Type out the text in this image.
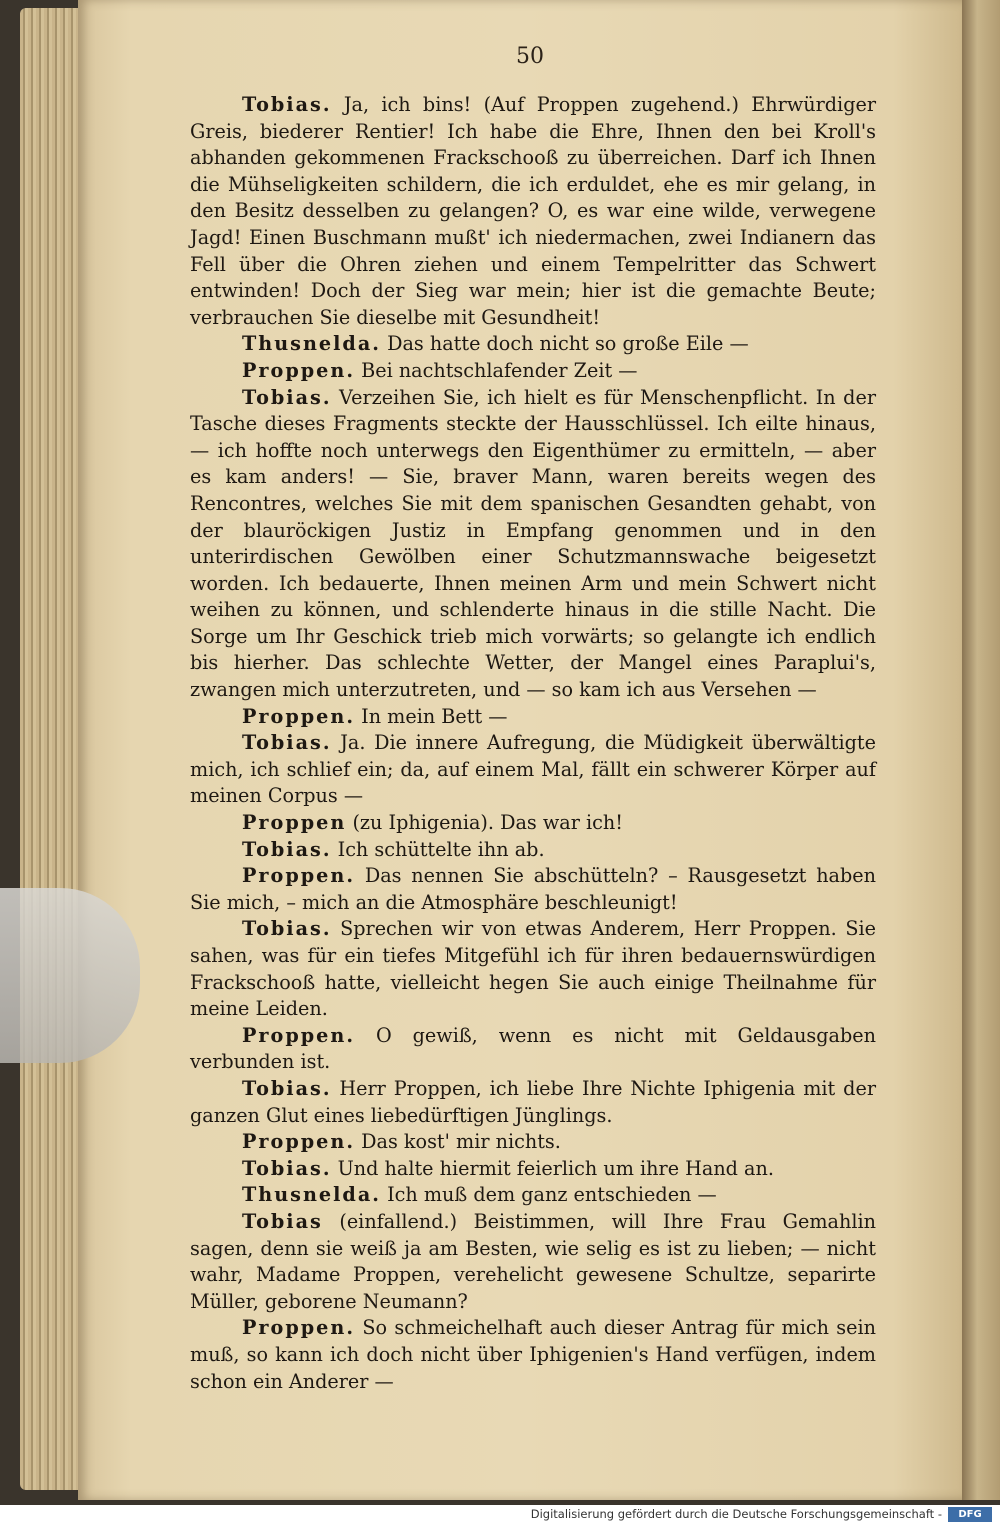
50

Tobias. Ja, ich bins! (Auf Proppen zugehend.) Ehrwürdiger Greis, biederer Rentier! Ich habe die Ehre, Ihnen den bei Kroll's abhanden gekommenen Frackschooß zu überreichen. Darf ich Ihnen die Mühseligkeiten schildern, die ich erduldet, ehe es mir gelang, in den Besitz desselben zu gelangen? O, es war eine wilde, verwegene Jagd! Einen Buschmann mußt' ich niedermachen, zwei Indianern das Fell über die Ohren ziehen und einem Tempelritter das Schwert entwinden! Doch der Sieg war mein; hier ist die gemachte Beute; verbrauchen Sie dieselbe mit Gesundheit!

Thusnelda. Das hatte doch nicht so große Eile —

Proppen. Bei nachtschlafender Zeit —

Tobias. Verzeihen Sie, ich hielt es für Menschenpflicht. In der Tasche dieses Fragments steckte der Hausschlüssel. Ich eilte hinaus, — ich hoffte noch unterwegs den Eigenthümer zu ermitteln, — aber es kam anders! — Sie, braver Mann, waren bereits wegen des Rencontres, welches Sie mit dem spanischen Gesandten gehabt, von der blauröckigen Justiz in Empfang genommen und in den unterirdischen Gewölben einer Schutzmannswache beigesetzt worden. Ich bedauerte, Ihnen meinen Arm und mein Schwert nicht weihen zu können, und schlenderte hinaus in die stille Nacht. Die Sorge um Ihr Geschick trieb mich vorwärts; so gelangte ich endlich bis hierher. Das schlechte Wetter, der Mangel eines Paraplui's, zwangen mich unterzutreten, und — so kam ich aus Versehen —

Proppen. In mein Bett —

Tobias. Ja. Die innere Aufregung, die Müdigkeit überwältigte mich, ich schlief ein; da, auf einem Mal, fällt ein schwerer Körper auf meinen Corpus —

Proppen (zu Iphigenia). Das war ich!

Tobias. Ich schüttelte ihn ab.

Proppen. Das nennen Sie abschütteln? – Rausgesetzt haben Sie mich, – mich an die Atmosphäre beschleunigt!

Tobias. Sprechen wir von etwas Anderem, Herr Proppen. Sie sahen, was für ein tiefes Mitgefühl ich für ihren bedauernswürdigen Frackschooß hatte, vielleicht hegen Sie auch einige Theilnahme für meine Leiden.

Proppen. O gewiß, wenn es nicht mit Geldausgaben verbunden ist.

Tobias. Herr Proppen, ich liebe Ihre Nichte Iphigenia mit der ganzen Glut eines liebedürftigen Jünglings.

Proppen. Das kost' mir nichts.

Tobias. Und halte hiermit feierlich um ihre Hand an.

Thusnelda. Ich muß dem ganz entschieden —

Tobias (einfallend.) Beistimmen, will Ihre Frau Gemahlin sagen, denn sie weiß ja am Besten, wie selig es ist zu lieben; — nicht wahr, Madame Proppen, verehelicht gewesene Schultze, separirte Müller, geborene Neumann?

Proppen. So schmeichelhaft auch dieser Antrag für mich sein muß, so kann ich doch nicht über Iphigenien's Hand verfügen, indem schon ein Anderer —

Digitalisierung gefördert durch die Deutsche Forschungsgemeinschaft -	DFG
